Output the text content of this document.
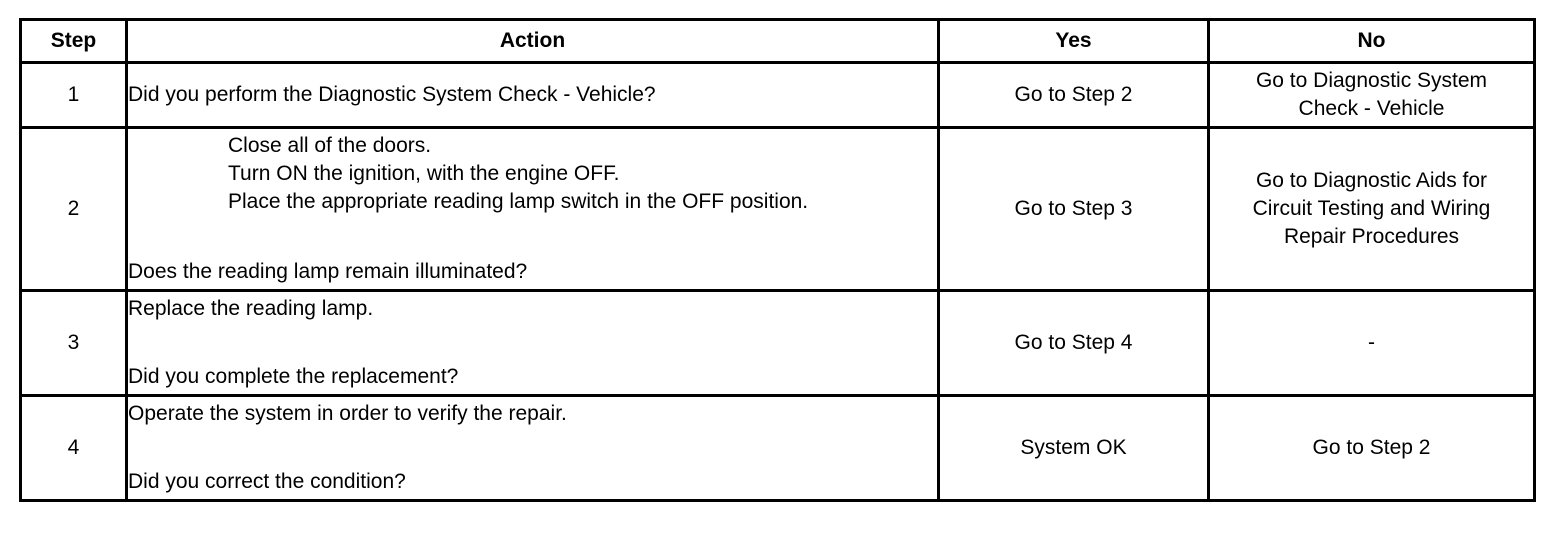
Step	Action	Yes	No
1	Did you perform the Diagnostic System Check - Vehicle?	Go to Step 2	Go to Diagnostic System
Check - Vehicle

2	Close all of the doors.
Turn ON the ignition, with the engine OFF.
Place the appropriate reading lamp switch in the OFF position.
Does the reading lamp remain illuminated?	Go to Step 3	Go to Diagnostic Aids for
Circuit Testing and Wiring
Repair Procedures

3	Replace the reading lamp.
Did you complete the replacement?	Go to Step 4	-

4	Operate the system in order to verify the repair.
Did you correct the condition?	System OK	Go to Step 2
